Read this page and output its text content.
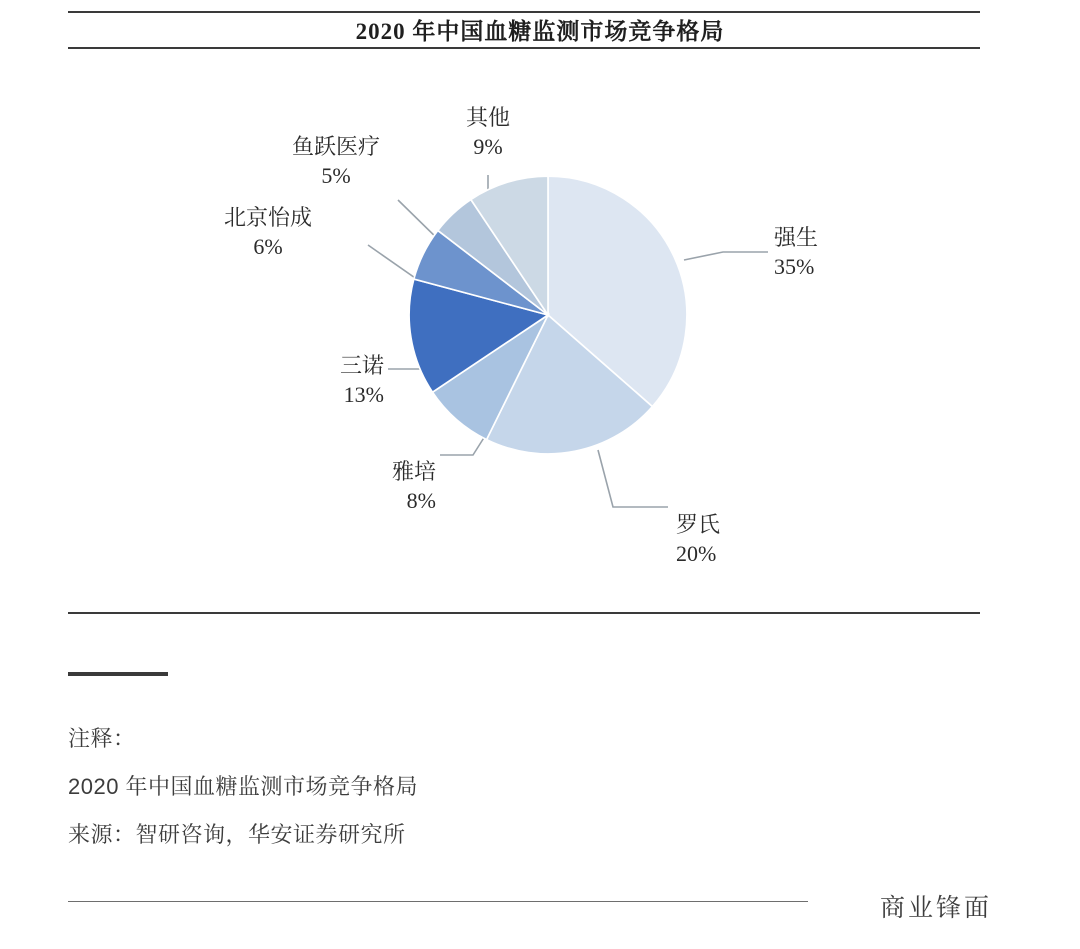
2020 年中国血糖监测市场竞争格局
强生
35%
罗氏
20%
雅培
8%
三诺
13%
北京怡成
6%
鱼跃医疗
5%
其他
9%
注释：
2020 年中国血糖监测市场竞争格局
来源：智研咨询，华安证券研究所
商业锋面
